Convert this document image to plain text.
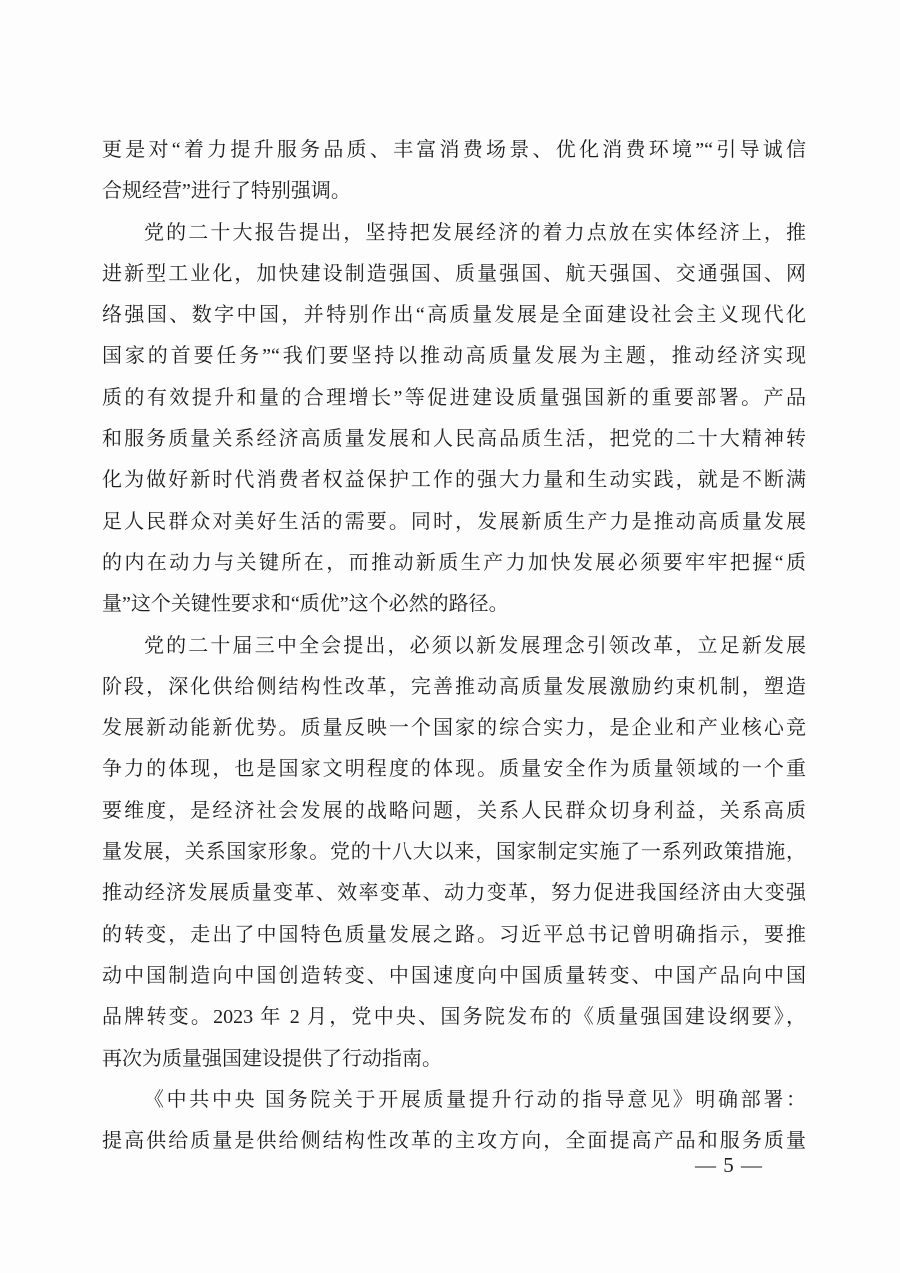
更是对“着力提升服务品质、丰富消费场景、优化消费环境”“引导诚信
合规经营”进行了特别强调。
党的二十大报告提出，坚持把发展经济的着力点放在实体经济上，推
进新型工业化，加快建设制造强国、质量强国、航天强国、交通强国、网
络强国、数字中国，并特别作出“高质量发展是全面建设社会主义现代化
国家的首要任务”“我们要坚持以推动高质量发展为主题，推动经济实现
质的有效提升和量的合理增长”等促进建设质量强国新的重要部署。产品
和服务质量关系经济高质量发展和人民高品质生活，把党的二十大精神转
化为做好新时代消费者权益保护工作的强大力量和生动实践，就是不断满
足人民群众对美好生活的需要。同时，发展新质生产力是推动高质量发展
的内在动力与关键所在，而推动新质生产力加快发展必须要牢牢把握“质
量”这个关键性要求和“质优”这个必然的路径。
党的二十届三中全会提出，必须以新发展理念引领改革，立足新发展
阶段，深化供给侧结构性改革，完善推动高质量发展激励约束机制，塑造
发展新动能新优势。质量反映一个国家的综合实力，是企业和产业核心竞
争力的体现，也是国家文明程度的体现。质量安全作为质量领域的一个重
要维度，是经济社会发展的战略问题，关系人民群众切身利益，关系高质
量发展，关系国家形象。党的十八大以来，国家制定实施了一系列政策措施，
推动经济发展质量变革、效率变革、动力变革，努力促进我国经济由大变强
的转变，走出了中国特色质量发展之路。习近平总书记曾明确指示，要推
动中国制造向中国创造转变、中国速度向中国质量转变、中国产品向中国
品牌转变。2023 年 2 月，党中央、国务院发布的《质量强国建设纲要》，
再次为质量强国建设提供了行动指南。
《中共中央 国务院关于开展质量提升行动的指导意见》明确部署：
提高供给质量是供给侧结构性改革的主攻方向，全面提高产品和服务质量
— 5 —
